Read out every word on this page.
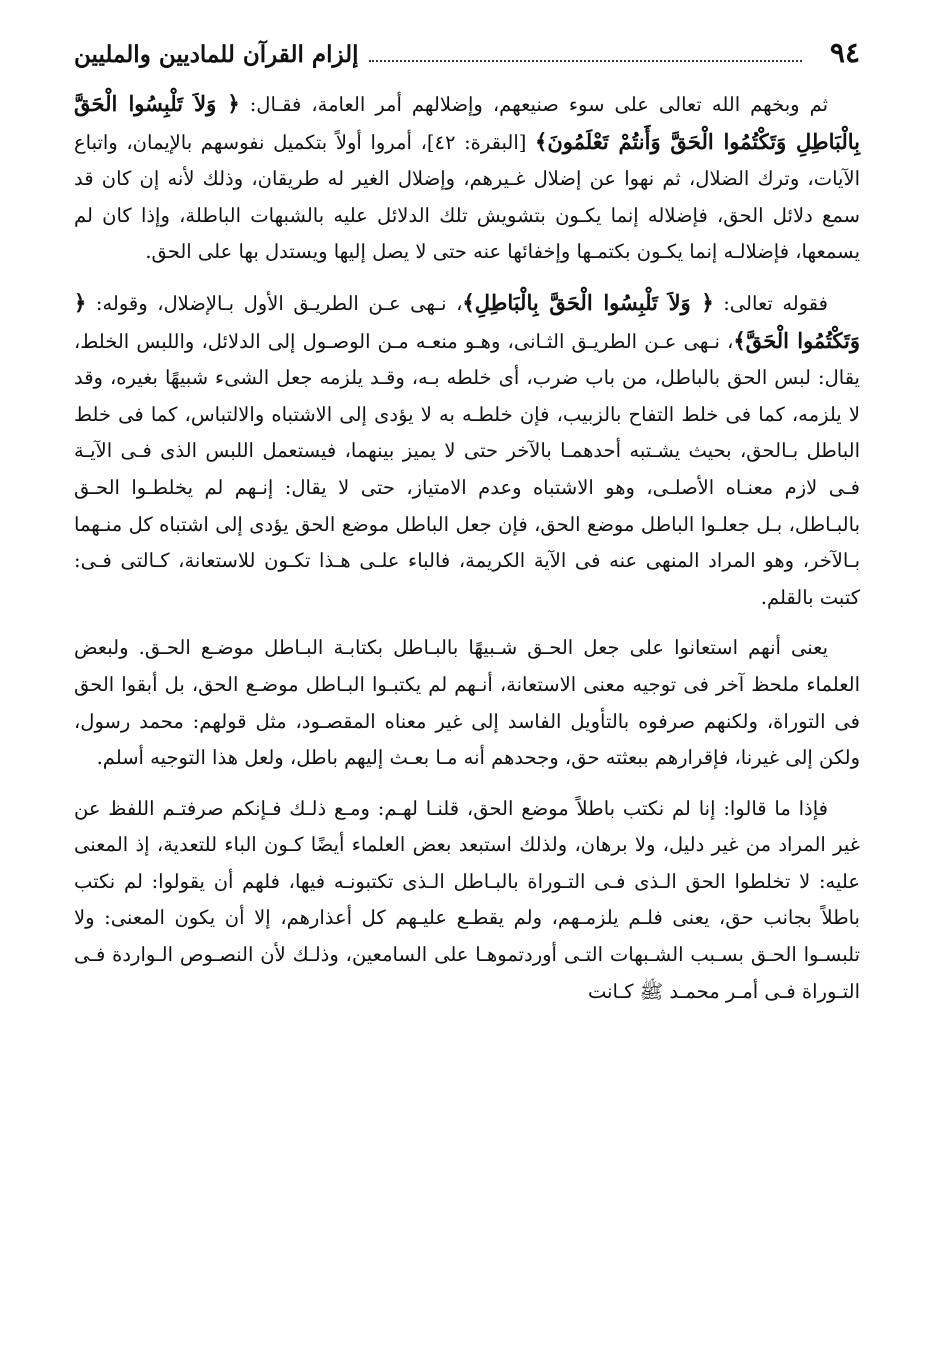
٩٤
إلزام القرآن للماديين والمليين

ثم وبخهم الله تعالى على سوء صنيعهم، وإضلالهم أمر العامة، فقـال: ﴿ وَلاَ تَلْبِسُوا الْحَقَّ بِالْبَاطِلِ وَتَكْتُمُوا الْحَقَّ وَأَنتُمْ تَعْلَمُونَ﴾ [البقرة: ٤٢]، أمروا أولاً بتكميل نفوسهم بالإيمان، واتباع الآيات، وترك الضلال، ثم نهوا عن إضلال غـيرهم، وإضلال الغير له طريقان، وذلك لأنه إن كان قد سمع دلائل الحق، فإضلاله إنما يكـون بتشويش تلك الدلائل عليه بالشبهات الباطلة، وإذا كان لم يسمعها، فإضلالـه إنما يكـون بكتمـها وإخفائها عنه حتى لا يصل إليها ويستدل بها على الحق.

فقوله تعالى: ﴿ وَلاَ تَلْبِسُوا الْحَقَّ بِالْبَاطِلِ﴾، نـهى عـن الطريـق الأول بـالإضلال، وقوله: ﴿ وَتَكْتُمُوا الْحَقَّ﴾، نـهى عـن الطريـق الثـانى، وهـو منعـه مـن الوصـول إلى الدلائل، واللبس الخلط، يقال: لبس الحق بالباطل، من باب ضرب، أى خلطه بـه، وقـد يلزمه جعل الشىء شبيهًا بغيره، وقد لا يلزمه، كما فى خلط التفاح بالزبيب، فإن خلطـه به لا يؤدى إلى الاشتباه والالتباس، كما فى خلط الباطل بـالحق، بحيث يشـتبه أحدهمـا بالآخر حتى لا يميز بينهما، فيستعمل اللبس الذى فـى الآيـة فـى لازم معنـاه الأصلـى، وهو الاشتباه وعدم الامتياز، حتى لا يقال: إنـهم لم يخلطـوا الحـق بالبـاطل، بـل جعلـوا الباطل موضع الحق، فإن جعل الباطل موضع الحق يؤدى إلى اشتباه كل منـهما بـالآخر، وهو المراد المنهى عنه فى الآية الكريمة، فالباء علـى هـذا تكـون للاستعانة، كـالتى فـى: كتبت بالقلم.

يعنى أنهم استعانوا على جعل الحـق شـبيهًا بالبـاطل بكتابـة البـاطل موضـع الحـق. ولبعض العلماء ملحظ آخر فى توجيه معنى الاستعانة، أنـهم لم يكتبـوا البـاطل موضـع الحق، بل أبقوا الحق فى التوراة، ولكنهم صرفوه بالتأويل الفاسد إلى غير معناه المقصـود، مثل قولهم: محمد رسول، ولكن إلى غيرنا، فإقرارهم ببعثته حق، وجحدهم أنه مـا بعـث إليهم باطل، ولعل هذا التوجيه أسلم.

فإذا ما قالوا: إنا لم نكتب باطلاً موضع الحق، قلنـا لهـم: ومـع ذلـك فـإنكم صرفتـم اللفظ عن غير المراد من غير دليل، ولا برهان، ولذلك استبعد بعض العلماء أيضًا كـون الباء للتعدية، إذ المعنى عليه: لا تخلطوا الحق الـذى فـى التـوراة بالبـاطل الـذى تكتبونـه فيها، فلهم أن يقولوا: لم نكتب باطلاً بجانب حق، يعنى فلـم يلزمـهم، ولم يقطـع عليـهم كل أعذارهم، إلا أن يكون المعنى: ولا تلبسـوا الحـق بسـبب الشـبهات التـى أوردتموهـا على السامعين، وذلـك لأن النصـوص الـواردة فـى التـوراة فـى أمـر محمـد ﷺ كـانت
